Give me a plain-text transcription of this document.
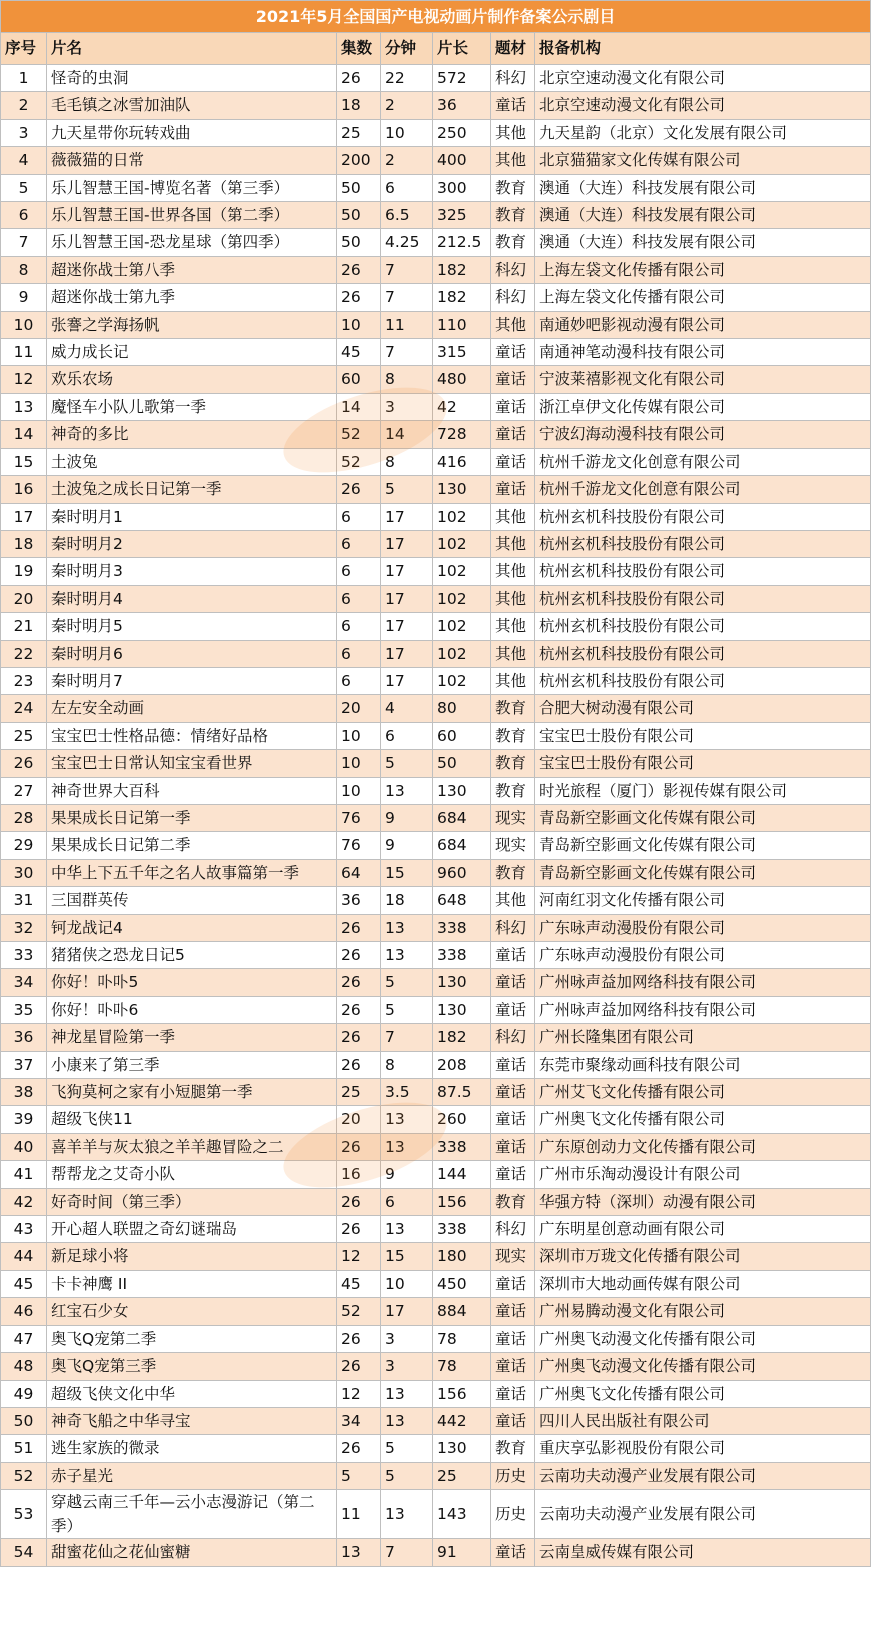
2021年5月全国国产电视动画片制作备案公示剧目						
序号	片名	集数	分钟	片长	题材	报备机构
1	怪奇的虫洞	26	22	572	科幻	北京空速动漫文化有限公司
2	毛毛镇之冰雪加油队	18	2	36	童话	北京空速动漫文化有限公司
3	九天星带你玩转戏曲	25	10	250	其他	九天星韵（北京）文化发展有限公司
4	薇薇猫的日常	200	2	400	其他	北京猫猫家文化传媒有限公司
5	乐儿智慧王国-博览名著（第三季）	50	6	300	教育	澳通（大连）科技发展有限公司
6	乐儿智慧王国-世界各国（第二季）	50	6.5	325	教育	澳通（大连）科技发展有限公司
7	乐儿智慧王国-恐龙星球（第四季）	50	4.25	212.5	教育	澳通（大连）科技发展有限公司
8	超迷你战士第八季	26	7	182	科幻	上海左袋文化传播有限公司
9	超迷你战士第九季	26	7	182	科幻	上海左袋文化传播有限公司
10	张謇之学海扬帆	10	11	110	其他	南通妙吧影视动漫有限公司
11	威力成长记	45	7	315	童话	南通神笔动漫科技有限公司
12	欢乐农场	60	8	480	童话	宁波莱禧影视文化有限公司
13	魔怪车小队儿歌第一季	14	3	42	童话	浙江卓伊文化传媒有限公司
14	神奇的多比	52	14	728	童话	宁波幻海动漫科技有限公司
15	土波兔	52	8	416	童话	杭州千游龙文化创意有限公司
16	土波兔之成长日记第一季	26	5	130	童话	杭州千游龙文化创意有限公司
17	秦时明月1	6	17	102	其他	杭州玄机科技股份有限公司
18	秦时明月2	6	17	102	其他	杭州玄机科技股份有限公司
19	秦时明月3	6	17	102	其他	杭州玄机科技股份有限公司
20	秦时明月4	6	17	102	其他	杭州玄机科技股份有限公司
21	秦时明月5	6	17	102	其他	杭州玄机科技股份有限公司
22	秦时明月6	6	17	102	其他	杭州玄机科技股份有限公司
23	秦时明月7	6	17	102	其他	杭州玄机科技股份有限公司
24	左左安全动画	20	4	80	教育	合肥大树动漫有限公司
25	宝宝巴士性格品德：情绪好品格	10	6	60	教育	宝宝巴士股份有限公司
26	宝宝巴士日常认知宝宝看世界	10	5	50	教育	宝宝巴士股份有限公司
27	神奇世界大百科	10	13	130	教育	时光旅程（厦门）影视传媒有限公司
28	果果成长日记第一季	76	9	684	现实	青岛新空影画文化传媒有限公司
29	果果成长日记第二季	76	9	684	现实	青岛新空影画文化传媒有限公司
30	中华上下五千年之名人故事篇第一季	64	15	960	教育	青岛新空影画文化传媒有限公司
31	三国群英传	36	18	648	其他	河南红羽文化传播有限公司
32	钶龙战记4	26	13	338	科幻	广东咏声动漫股份有限公司
33	猪猪侠之恐龙日记5	26	13	338	童话	广东咏声动漫股份有限公司
34	你好！卟卟5	26	5	130	童话	广州咏声益加网络科技有限公司
35	你好！卟卟6	26	5	130	童话	广州咏声益加网络科技有限公司
36	神龙星冒险第一季	26	7	182	科幻	广州长隆集团有限公司
37	小康来了第三季	26	8	208	童话	东莞市聚缘动画科技有限公司
38	飞狗莫柯之家有小短腿第一季	25	3.5	87.5	童话	广州艾飞文化传播有限公司
39	超级飞侠11	20	13	260	童话	广州奥飞文化传播有限公司
40	喜羊羊与灰太狼之羊羊趣冒险之二	26	13	338	童话	广东原创动力文化传播有限公司
41	帮帮龙之艾奇小队	16	9	144	童话	广州市乐淘动漫设计有限公司
42	好奇时间（第三季）	26	6	156	教育	华强方特（深圳）动漫有限公司
43	开心超人联盟之奇幻谜瑞岛	26	13	338	科幻	广东明星创意动画有限公司
44	新足球小将	12	15	180	现实	深圳市万珑文化传播有限公司
45	卡卡神鹰 II	45	10	450	童话	深圳市大地动画传媒有限公司
46	红宝石少女	52	17	884	童话	广州易腾动漫文化有限公司
47	奥飞Q宠第二季	26	3	78	童话	广州奥飞动漫文化传播有限公司
48	奥飞Q宠第三季	26	3	78	童话	广州奥飞动漫文化传播有限公司
49	超级飞侠文化中华	12	13	156	童话	广州奥飞文化传播有限公司
50	神奇飞船之中华寻宝	34	13	442	童话	四川人民出版社有限公司
51	逃生家族的微录	26	5	130	教育	重庆享弘影视股份有限公司
52	赤子星光	5	5	25	历史	云南功夫动漫产业发展有限公司
53	穿越云南三千年—云小志漫游记（第二季）	11	13	143	历史	云南功夫动漫产业发展有限公司
54	甜蜜花仙之花仙蜜糖	13	7	91	童话	云南皇威传媒有限公司
